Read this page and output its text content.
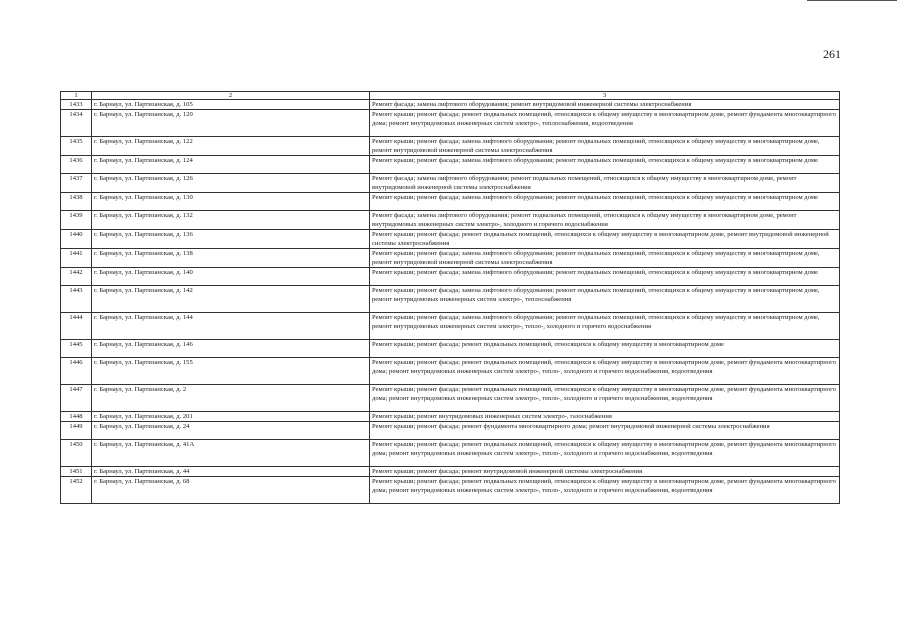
261
1	2	3
1433	г. Барнаул, ул. Партизанская, д. 105	Ремонт фасада; замена лифтового оборудования; ремонт внутридомовой инженерной системы электроснабжения
1434	г. Барнаул, ул. Партизанская, д. 120	Ремонт крыши; ремонт фасада; ремонт подвальных помещений, относящихся к общему имуществу в многоквартирном доме, ремонт фундамента многоквартирного дома; ремонт внутридомовых инженерных систем электро-, теплоснабжения, водоотведения
1435	г. Барнаул, ул. Партизанская, д. 122	Ремонт крыши; ремонт фасада; замена лифтового оборудования; ремонт подвальных помещений, относящихся к общему имуществу в многоквартирном доме, ремонт внутридомовой инженерной системы электроснабжения
1436	г. Барнаул, ул. Партизанская, д. 124	Ремонт крыши; ремонт фасада; замена лифтового оборудования; ремонт подвальных помещений, относящихся к общему имуществу в многоквартирном доме
1437	г. Барнаул, ул. Партизанская, д. 126	Ремонт фасада; замена лифтового оборудования; ремонт подвальных помещений, относящихся к общему имуществу в многоквартирном доме, ремонт внутридомовой инженерной системы электроснабжения
1438	г. Барнаул, ул. Партизанская, д. 130	Ремонт крыши; ремонт фасада; замена лифтового оборудования; ремонт подвальных помещений, относящихся к общему имуществу в многоквартирном доме
1439	г. Барнаул, ул. Партизанская, д. 132	Ремонт фасада; замена лифтового оборудования; ремонт подвальных помещений, относящихся к общему имуществу в многоквартирном доме, ремонт внутридомовых инженерных систем электро-, холодного и горячего водоснабжения
1440	г. Барнаул, ул. Партизанская, д. 136	Ремонт крыши; ремонт фасада; ремонт подвальных помещений, относящихся к общему имуществу в многоквартирном доме, ремонт внутридомовой инженерной системы электроснабжения
1441	г. Барнаул, ул. Партизанская, д. 138	Ремонт крыши; ремонт фасада; замена лифтового оборудования; ремонт подвальных помещений, относящихся к общему имуществу в многоквартирном доме, ремонт внутридомовой инженерной системы электроснабжения
1442	г. Барнаул, ул. Партизанская, д. 140	Ремонт крыши; ремонт фасада; замена лифтового оборудования; ремонт подвальных помещений, относящихся к общему имуществу в многоквартирном доме
1443	г. Барнаул, ул. Партизанская, д. 142	Ремонт крыши; ремонт фасада; замена лифтового оборудования; ремонт подвальных помещений, относящихся к общему имуществу в многоквартирном доме, ремонт внутридомовых инженерных систем электро-, теплоснабжения
1444	г. Барнаул, ул. Партизанская, д. 144	Ремонт крыши; ремонт фасада; замена лифтового оборудования; ремонт подвальных помещений, относящихся к общему имуществу в многоквартирном доме, ремонт внутридомовых инженерных систем электро-, тепло-, холодного и горячего водоснабжения
1445	г. Барнаул, ул. Партизанская, д. 146	Ремонт крыши; ремонт фасада; ремонт подвальных помещений, относящихся к общему имуществу в многоквартирном доме
1446	г. Барнаул, ул. Партизанская, д. 155	Ремонт крыши; ремонт фасада; ремонт подвальных помещений, относящихся к общему имуществу в многоквартирном доме, ремонт фундамента многоквартирного дома; ремонт внутридомовых инженерных систем электро-, тепло-, холодного и горячего водоснабжения, водоотведения
1447	г. Барнаул, ул. Партизанская, д. 2	Ремонт крыши; ремонт фасада; ремонт подвальных помещений, относящихся к общему имуществу в многоквартирном доме, ремонт фундамента многоквартирного дома; ремонт внутридомовых инженерных систем электро-, тепло-, холодного и горячего водоснабжения, водоотведения
1448	г. Барнаул, ул. Партизанская, д. 201	Ремонт крыши; ремонт внутридомовых инженерных систем электро-, газоснабжения
1449	г. Барнаул, ул. Партизанская, д. 24	Ремонт крыши; ремонт фасада; ремонт фундамента многоквартирного дома; ремонт внутридомовой инженерной системы электроснабжения
1450	г. Барнаул, ул. Партизанская, д. 41А	Ремонт крыши; ремонт фасада; ремонт подвальных помещений, относящихся к общему имуществу в многоквартирном доме, ремонт фундамента многоквартирного дома; ремонт внутридомовых инженерных систем электро-, тепло-, холодного и горячего водоснабжения, водоотведения
1451	г. Барнаул, ул. Партизанская, д. 44	Ремонт крыши; ремонт фасада; ремонт внутридомовой инженерной системы электроснабжения
1452	г. Барнаул, ул. Партизанская, д. 68	Ремонт крыши; ремонт фасада; ремонт подвальных помещений, относящихся к общему имуществу в многоквартирном доме, ремонт фундамента многоквартирного дома; ремонт внутридомовых инженерных систем электро-, тепло-, холодного и горячего водоснабжения, водоотведения
